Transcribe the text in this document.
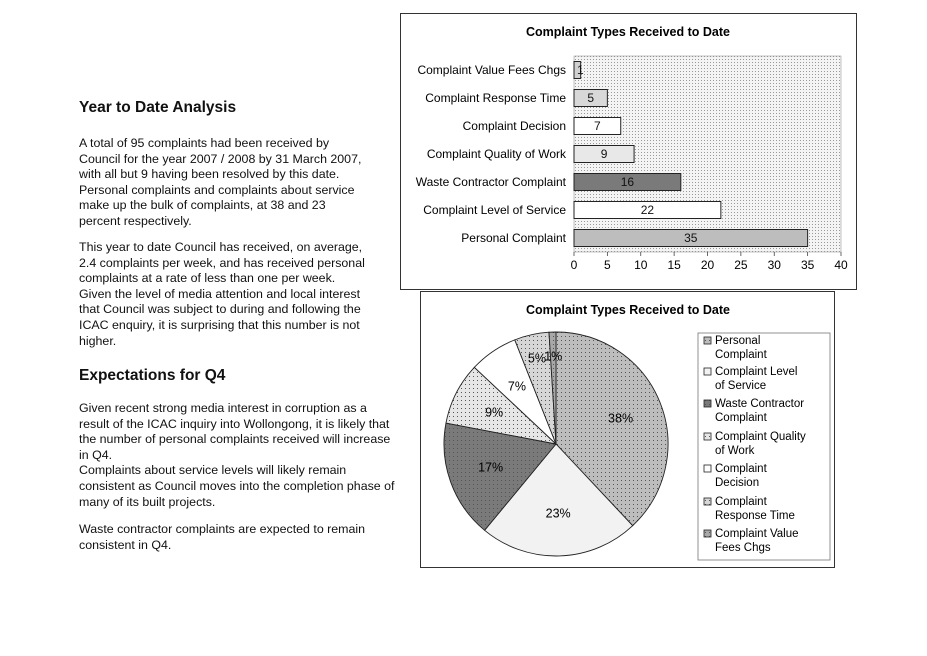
Year to Date Analysis
A total of 95 complaints had been received by
Council for the year 2007 / 2008 by 31 March 2007,
with all but 9 having been resolved by this date.
Personal complaints and complaints about service
make up the bulk of complaints, at 38 and 23
percent respectively.
This year to date Council has received, on average,
2.4 complaints per week, and has received personal
complaints at a rate of less than one per week.
Given the level of media attention and local interest
that Council was subject to during and following the
ICAC enquiry, it is surprising that this number is not
higher.
Expectations for Q4
Given recent strong media interest in corruption as a
result of the ICAC inquiry into Wollongong, it is likely that
the number of personal complaints received will increase
in Q4.
Complaints about service levels will likely remain
consistent as Council moves into the completion phase of
many of its built projects.
Waste contractor complaints are expected to remain
consistent in Q4.
Complaint Types Received to Date
Complaint Value Fees Chgs 1
Complaint Response Time 5
Complaint Decision 7
Complaint Quality of Work	9
Waste Contractor Complaint	16
Complaint Level of Service	22
Personal Complaint	35
0 5 10 15 20 25 30 35 40
Complaint Types Received to Date
38%
23%
17%
9%
7%
5%
1%
Personal Complaint
Complaint Level of Service
Waste Contractor Complaint
Complaint Quality of Work
Complaint Decision
Complaint Response Time
Complaint Value Fees Chgs
